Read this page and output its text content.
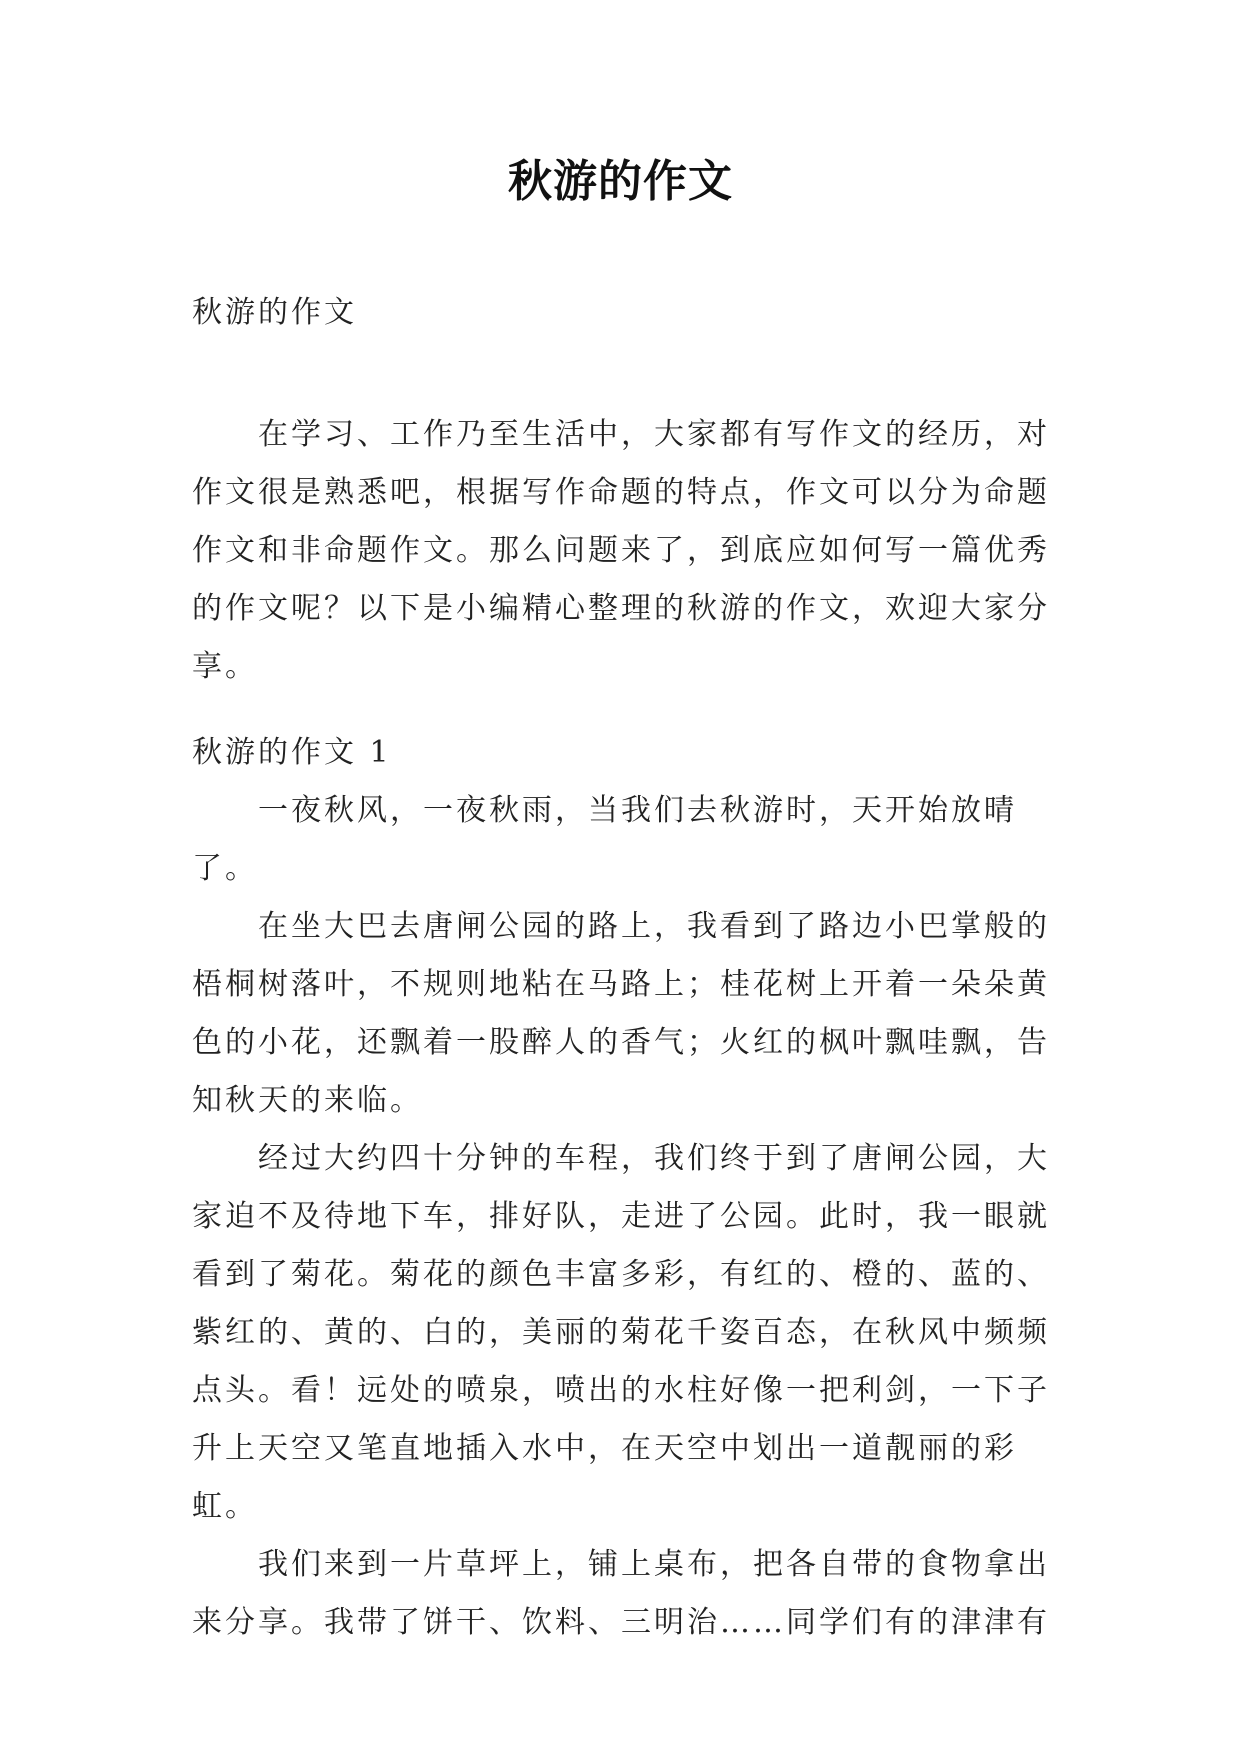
秋游的作文

秋游的作文

在学习、工作乃至生活中，大家都有写作文的经历，对作文很是熟悉吧，根据写作命题的特点，作文可以分为命题作文和非命题作文。那么问题来了，到底应如何写一篇优秀的作文呢？以下是小编精心整理的秋游的作文，欢迎大家分享。

秋游的作文 1

一夜秋风，一夜秋雨，当我们去秋游时，天开始放晴了。

在坐大巴去唐闸公园的路上，我看到了路边小巴掌般的梧桐树落叶，不规则地粘在马路上；桂花树上开着一朵朵黄色的小花，还飘着一股醉人的香气；火红的枫叶飘哇飘，告知秋天的来临。

经过大约四十分钟的车程，我们终于到了唐闸公园，大家迫不及待地下车，排好队，走进了公园。此时，我一眼就看到了菊花。菊花的颜色丰富多彩，有红的、橙的、蓝的、紫红的、黄的、白的，美丽的菊花千姿百态，在秋风中频频点头。看！远处的喷泉，喷出的水柱好像一把利剑，一下子升上天空又笔直地插入水中，在天空中划出一道靓丽的彩虹。

我们来到一片草坪上，铺上桌布，把各自带的食物拿出来分享。我带了饼干、饮料、三明治……同学们有的津津有
